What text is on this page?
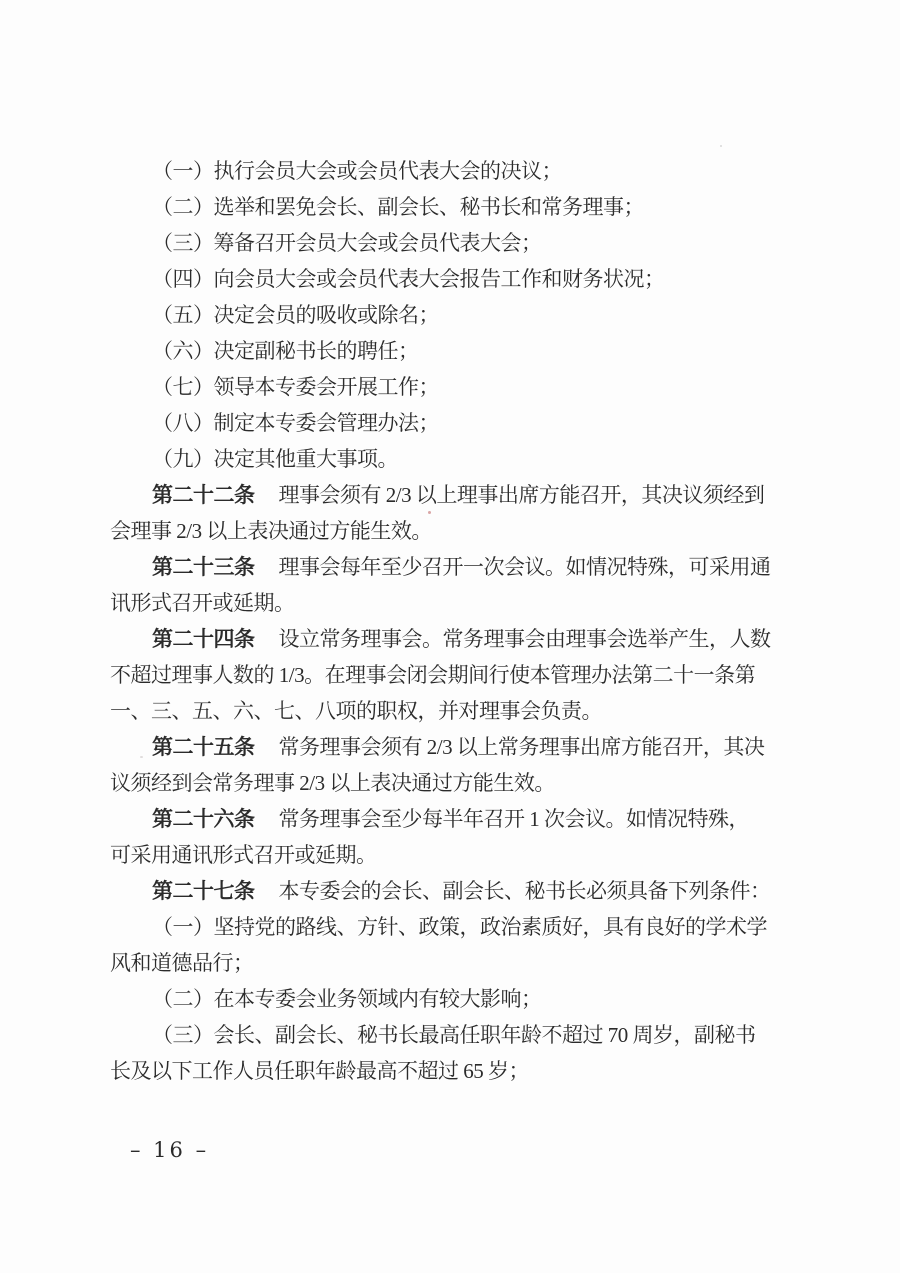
（一）执行会员大会或会员代表大会的决议；
（二）选举和罢免会长、副会长、秘书长和常务理事；
（三）筹备召开会员大会或会员代表大会；
（四）向会员大会或会员代表大会报告工作和财务状况；
（五）决定会员的吸收或除名；
（六）决定副秘书长的聘任；
（七）领导本专委会开展工作；
（八）制定本专委会管理办法；
（九）决定其他重大事项。
第二十二条 理事会须有 2/3 以上理事出席方能召开，其决议须经到
会理事 2/3 以上表决通过方能生效。
第二十三条 理事会每年至少召开一次会议。如情况特殊，可采用通
讯形式召开或延期。
第二十四条 设立常务理事会。常务理事会由理事会选举产生，人数
不超过理事人数的 1/3。在理事会闭会期间行使本管理办法第二十一条第
一、三、五、六、七、八项的职权，并对理事会负责。
第二十五条 常务理事会须有 2/3 以上常务理事出席方能召开，其决
议须经到会常务理事 2/3 以上表决通过方能生效。
第二十六条 常务理事会至少每半年召开 1 次会议。如情况特殊，
可采用通讯形式召开或延期。
第二十七条 本专委会的会长、副会长、秘书长必须具备下列条件：
（一）坚持党的路线、方针、政策，政治素质好，具有良好的学术学
风和道德品行；
（二）在本专委会业务领域内有较大影响；
（三）会长、副会长、秘书长最高任职年龄不超过 70 周岁，副秘书
长及以下工作人员任职年龄最高不超过 65 岁；
– 16 –
